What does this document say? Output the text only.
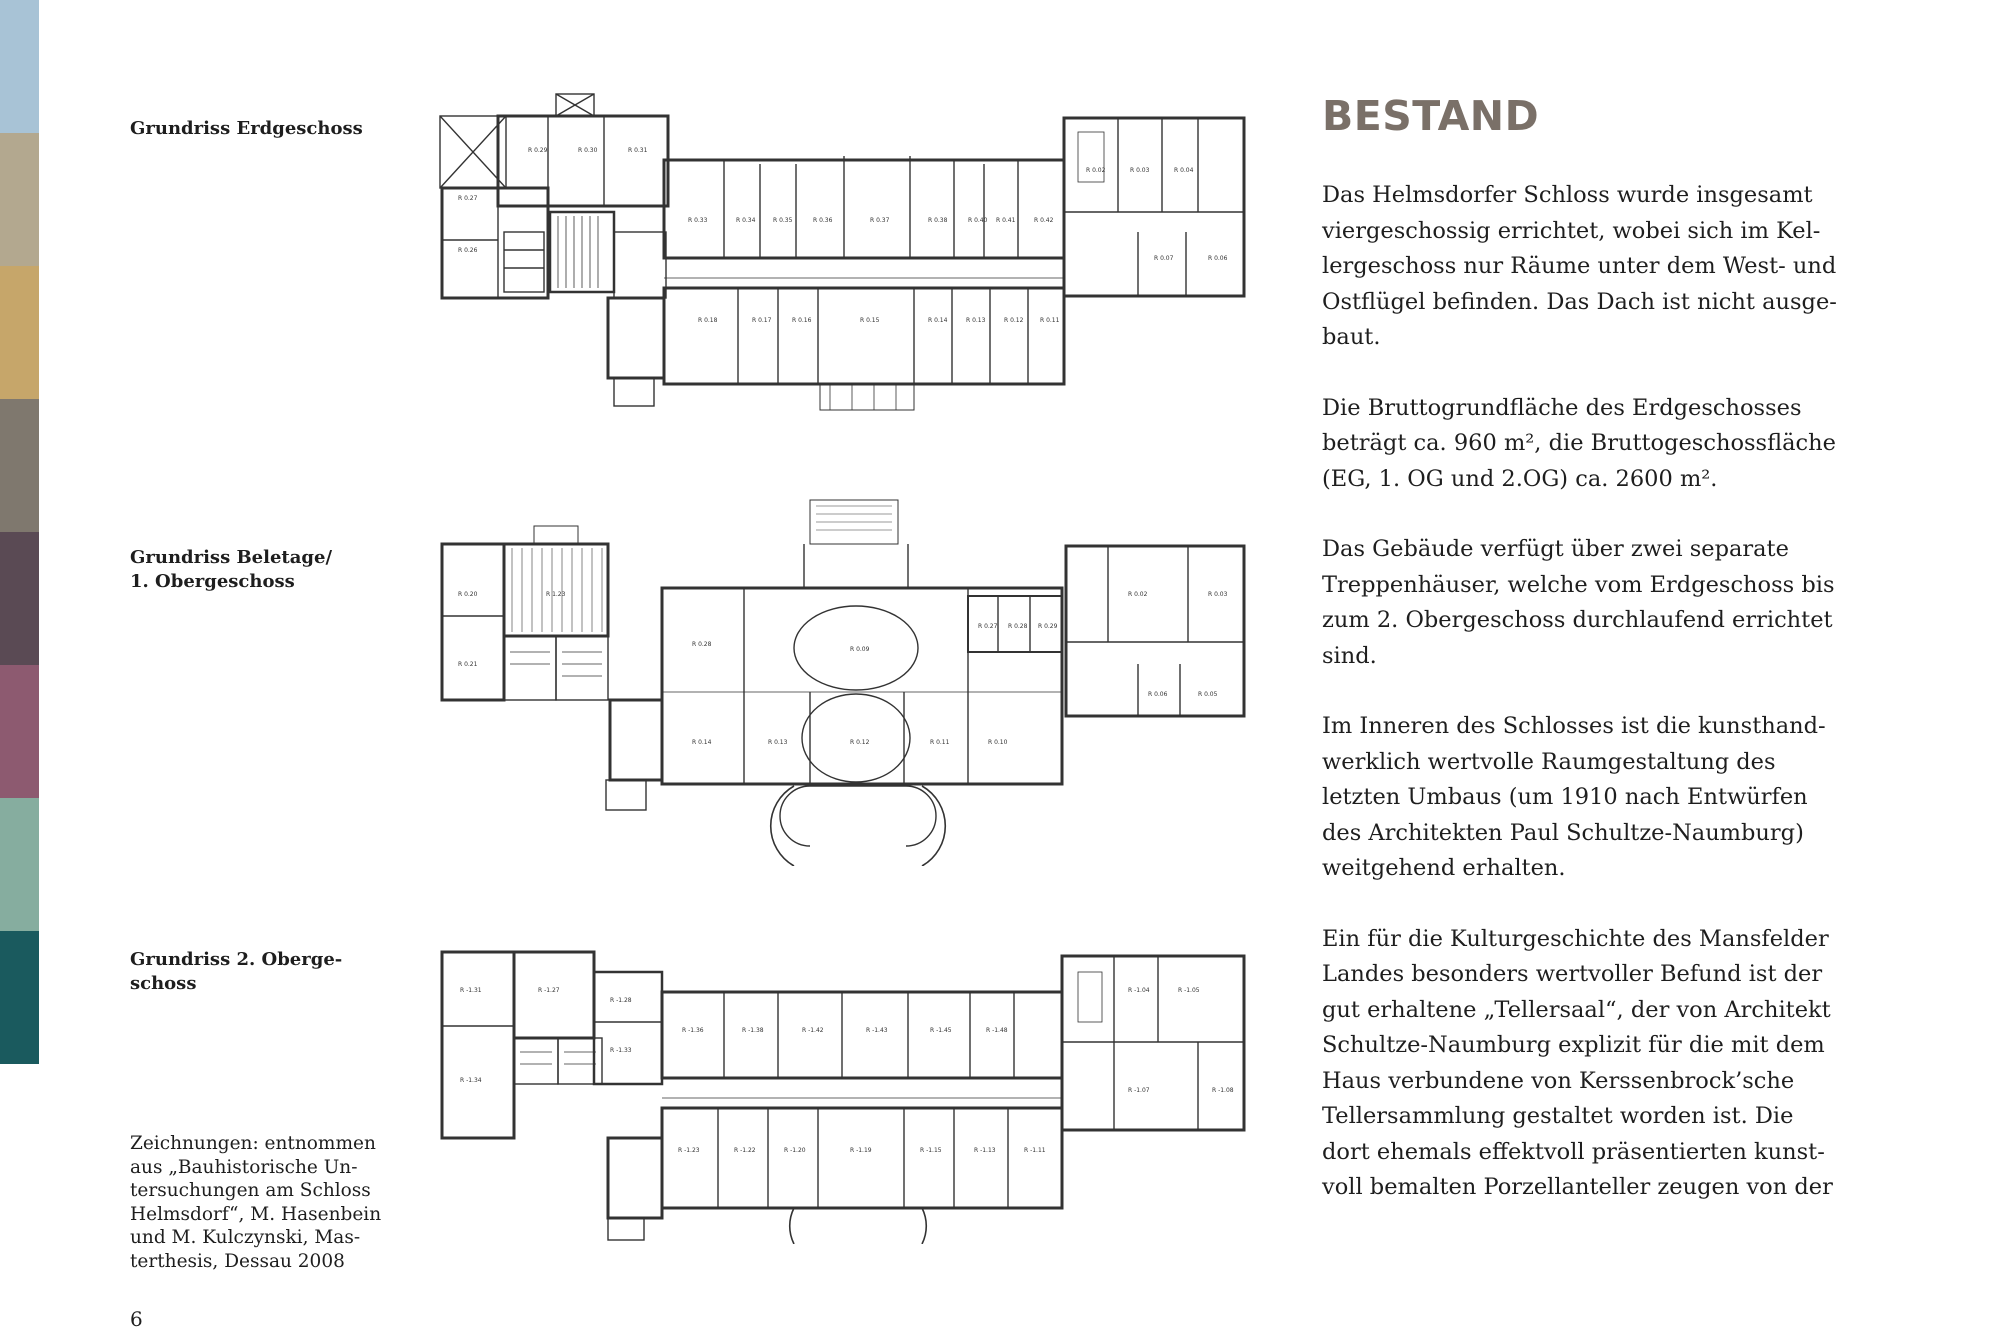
Grundriss Erdgeschoss
Grundriss Beletage/
1. Obergeschoss
Grundriss 2. Oberge-
schoss
Zeichnungen: entnommen
aus „Bauhistorische Un-
tersuchungen am Schloss
Helmsdorf“, M. Hasenbein
und M. Kulczynski, Mas-
terthesis, Dessau 2008
6
R 0.29	R 0.30	R 0.31
R 0.27
R 0.26
R 0.33	R 0.34	R 0.35	R 0.36	R 0.37	R 0.38	R 0.40 R 0.41	R 0.42
R 0.18	R 0.17	R 0.16	R 0.15	R 0.14	R 0.13	R 0.12	R 0.11
R 0.02	R 0.03	R 0.04
R 0.07	R 0.06
R 0.20
R 0.21
R 1.23
R 0.28
R 0.09
R 0.14	R 0.13	R 0.12	R 0.11	R 0.10
R 0.27 R 0.28 R 0.29
R 0.02	R 0.03
R 0.06	R 0.05
R -1.31
R -1.34
R -1.27
R -1.28
R -1.33
R -1.36	R -1.38	R -1.42	R -1.43	R -1.45	R -1.48
R -1.23	R -1.22	R -1.20	R -1.19	R -1.15	R -1.13	R -1.11
R -1.04	R -1.05
R -1.07	R -1.08
BESTAND

Das Helmsdorfer Schloss wurde insgesamt
viergeschossig errichtet, wobei sich im Kel-
lergeschoss nur Räume unter dem West- und
Ostflügel befinden. Das Dach ist nicht ausge-
baut.

Die Bruttogrundfläche des Erdgeschosses
beträgt ca. 960 m², die Bruttogeschossfläche
(EG, 1. OG und 2.OG) ca. 2600 m².

Das Gebäude verfügt über zwei separate
Treppenhäuser, welche vom Erdgeschoss bis
zum 2. Obergeschoss durchlaufend errichtet
sind.

Im Inneren des Schlosses ist die kunsthand-
werklich wertvolle Raumgestaltung des
letzten Umbaus (um 1910 nach Entwürfen
des Architekten Paul Schultze-Naumburg)
weitgehend erhalten.

Ein für die Kulturgeschichte des Mansfelder
Landes besonders wertvoller Befund ist der
gut erhaltene „Tellersaal“, der von Architekt
Schultze-Naumburg explizit für die mit dem
Haus verbundene von Kerssenbrock’sche
Tellersammlung gestaltet worden ist. Die
dort ehemals effektvoll präsentierten kunst-
voll bemalten Porzellanteller zeugen von der
